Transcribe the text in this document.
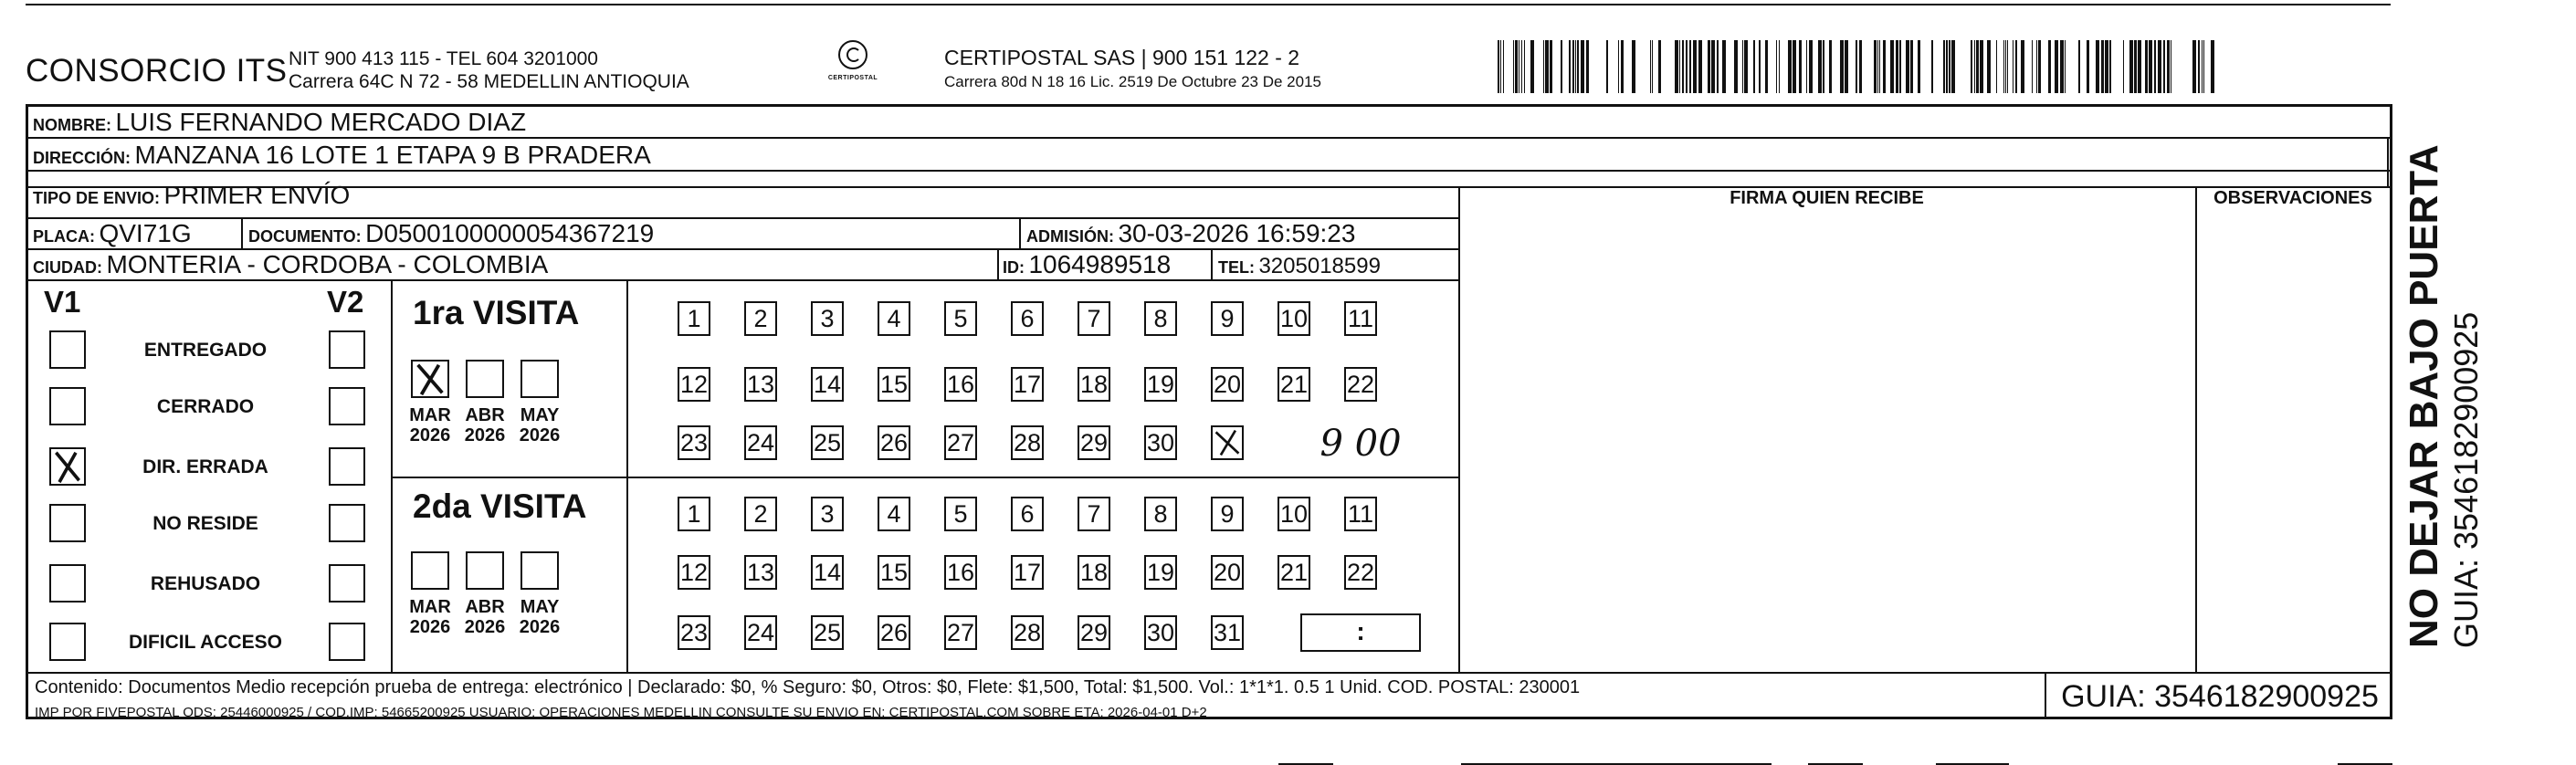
CONSORCIO ITS NIT 900 413 115 - TEL 604 3201000
Carrera 64C N 72 - 58 MEDELLIN ANTIOQUIA	CERTIPOSTAL
CERTIPOSTAL SAS | 900 151 122 - 2
Carrera 80d N 18 16 Lic. 2519 De Octubre 23 De 2015
NOMBRE: LUIS FERNANDO MERCADO DIAZ
DIRECCIÓN: MANZANA 16 LOTE 1 ETAPA 9 B PRADERA
TIPO DE ENVIO: PRIMER ENVÍO
PLACA: QVI71G	DOCUMENTO: D0500100000054367219	ADMISIÓN: 30-03-2026 16:59:23
CIUDAD: MONTERIA - CORDOBA - COLOMBIA	ID: 1064989518	TEL: 3205018599
FIRMA QUIEN RECIBE	OBSERVACIONES
V1	V2 1ra VISITA
9 00
2da VISITA
:
Contenido: Documentos Medio recepción prueba de entrega: electrónico | Declarado: $0, % Seguro: $0, Otros: $0, Flete: $1,500, Total: $1,500. Vol.: 1*1*1. 0.5 1 Unid. COD. POSTAL: 230001
IMP POR FIVEPOSTAL ODS: 25446000925 / COD.IMP: 54665200925 USUARIO: OPERACIONES MEDELLIN CONSULTE SU ENVIO EN: CERTIPOSTAL.COM SOBRE ETA: 2026-04-01 D+2	GUIA: 3546182900925
NO DEJAR BAJO PUERTA GUIA: 3546182900925
ENTREGADO
CERRADO
DIR. ERRADA
NO RESIDE
REHUSADO
DIFICIL ACCESO
MAR
2026
ABR
2026
MAY
2026
MAR
2026
ABR
2026
MAY
2026
1	2	3	4	5	6	7	8	9	10 11
12 13 14 15 16 17 18 19 20 21 22
23 24 25 26 27 28 29 30
1	2	3	4	5	6	7	8	9	10 11
12 13 14 15 16 17 18 19 20 21 22
23 24 25 26 27 28 29 30 31
